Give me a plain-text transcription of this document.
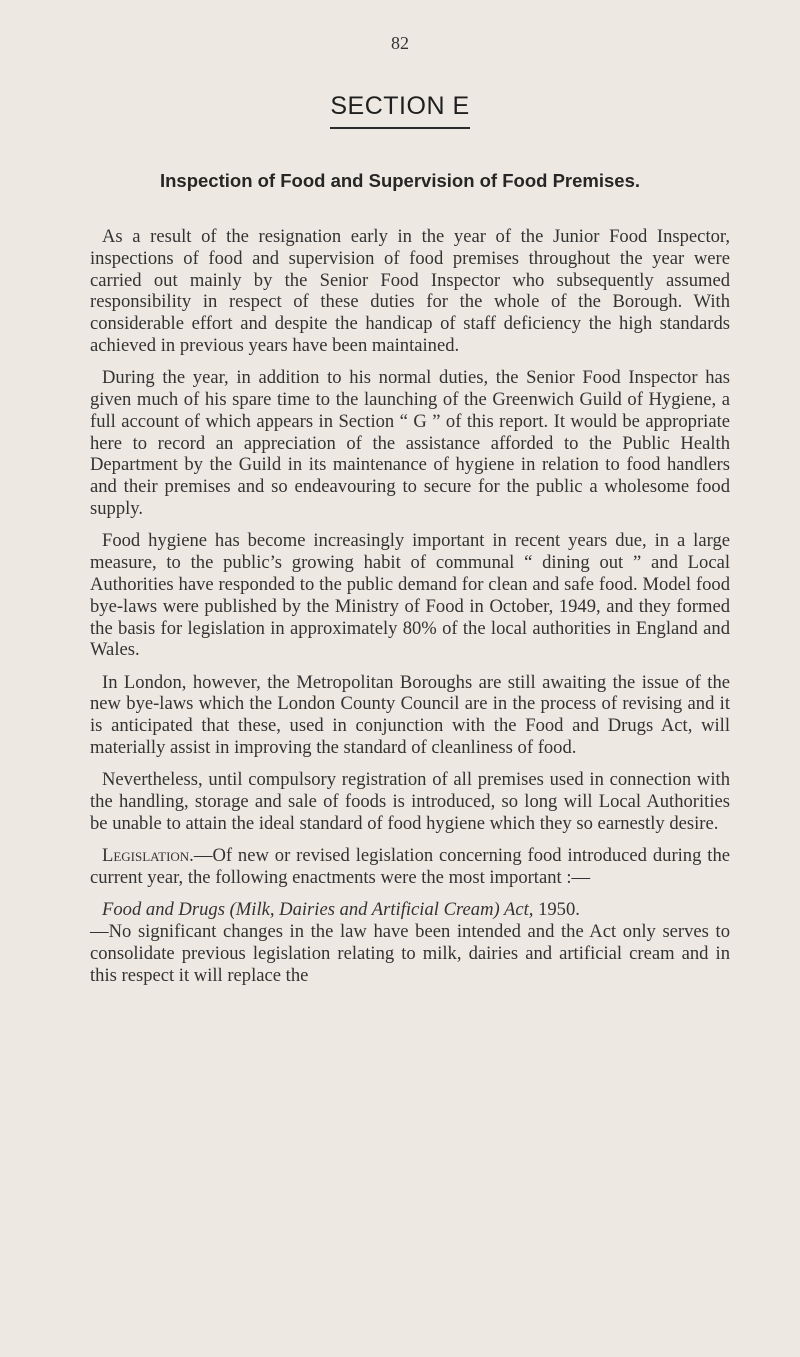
82
SECTION E
Inspection of Food and Supervision of Food Premises.

As a result of the resignation early in the year of the Junior Food Inspector, inspections of food and supervision of food premises throughout the year were carried out mainly by the Senior Food Inspector who subsequently assumed responsibility in respect of these duties for the whole of the Borough. With considerable effort and despite the handicap of staff deficiency the high standards achieved in previous years have been maintained.

During the year, in addition to his normal duties, the Senior Food Inspector has given much of his spare time to the launching of the Greenwich Guild of Hygiene, a full account of which appears in Section “ G ” of this report. It would be appropriate here to record an appreciation of the assistance afforded to the Public Health Department by the Guild in its maintenance of hygiene in relation to food handlers and their premises and so endeavouring to secure for the public a wholesome food supply.

Food hygiene has become increasingly important in recent years due, in a large measure, to the public’s growing habit of communal “ dining out ” and Local Authorities have responded to the public demand for clean and safe food. Model food bye-laws were published by the Ministry of Food in October, 1949, and they formed the basis for legislation in approximately 80% of the local authorities in England and Wales.

In London, however, the Metropolitan Boroughs are still awaiting the issue of the new bye-laws which the London County Council are in the process of revising and it is anticipated that these, used in conjunction with the Food and Drugs Act, will materially assist in improving the standard of cleanliness of food.

Nevertheless, until compulsory registration of all premises used in connection with the handling, storage and sale of foods is introduced, so long will Local Authorities be unable to attain the ideal standard of food hygiene which they so earnestly desire.

Legislation.—Of new or revised legislation concerning food introduced during the current year, the following enactments were the most important :—

Food and Drugs (Milk, Dairies and Artificial Cream) Act, 1950.
—No significant changes in the law have been intended and the Act only serves to consolidate previous legislation relating to milk, dairies and artificial cream and in this respect it will replace the
